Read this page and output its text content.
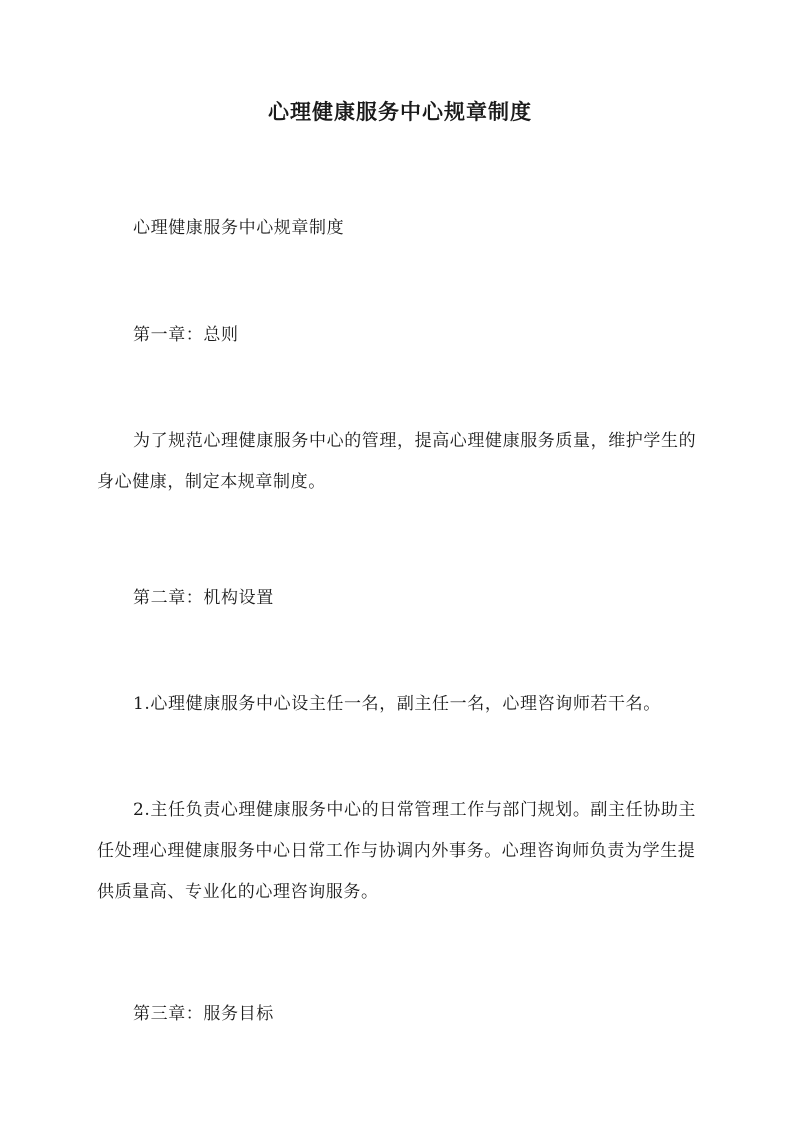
心理健康服务中心规章制度
心理健康服务中心规章制度
第一章：总则
为了规范心理健康服务中心的管理，提高心理健康服务质量，维护学生的身心健康，制定本规章制度。
第二章：机构设置
1.心理健康服务中心设主任一名，副主任一名，心理咨询师若干名。
2.主任负责心理健康服务中心的日常管理工作与部门规划。副主任协助主任处理心理健康服务中心日常工作与协调内外事务。心理咨询师负责为学生提供质量高、专业化的心理咨询服务。
第三章：服务目标
